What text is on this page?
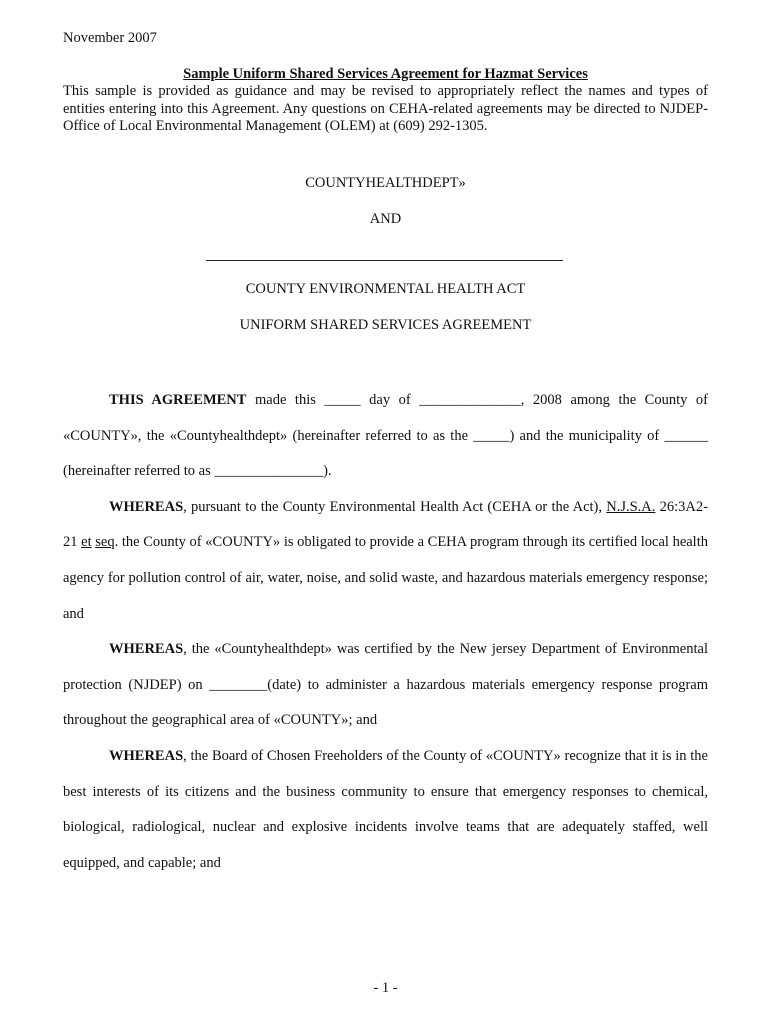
November 2007
Sample Uniform Shared Services Agreement for Hazmat Services
This sample is provided as guidance and may be revised to appropriately reflect the names and types of entities entering into this Agreement. Any questions on CEHA-related agreements may be directed to NJDEP-Office of Local Environmental Management (OLEM) at (609) 292-1305.
COUNTYHEALTHDEPT»
AND
COUNTY ENVIRONMENTAL HEALTH ACT
UNIFORM SHARED SERVICES AGREEMENT

THIS AGREEMENT made this _____ day of ______________, 2008 among the County of «COUNTY», the «Countyhealthdept» (hereinafter referred to as the _____) and the municipality of ______ (hereinafter referred to as _______________).

WHEREAS, pursuant to the County Environmental Health Act (CEHA or the Act), N.J.S.A. 26:3A2-21 et seq. the County of «COUNTY» is obligated to provide a CEHA program through its certified local health agency for pollution control of air, water, noise, and solid waste, and hazardous materials emergency response; and

WHEREAS, the «Countyhealthdept» was certified by the New jersey Department of Environmental protection (NJDEP) on ________(date) to administer a hazardous materials emergency response program throughout the geographical area of «COUNTY»; and

WHEREAS, the Board of Chosen Freeholders of the County of «COUNTY» recognize that it is in the best interests of its citizens and the business community to ensure that emergency responses to chemical, biological, radiological, nuclear and explosive incidents involve teams that are adequately staffed, well equipped, and capable; and

- 1 -
